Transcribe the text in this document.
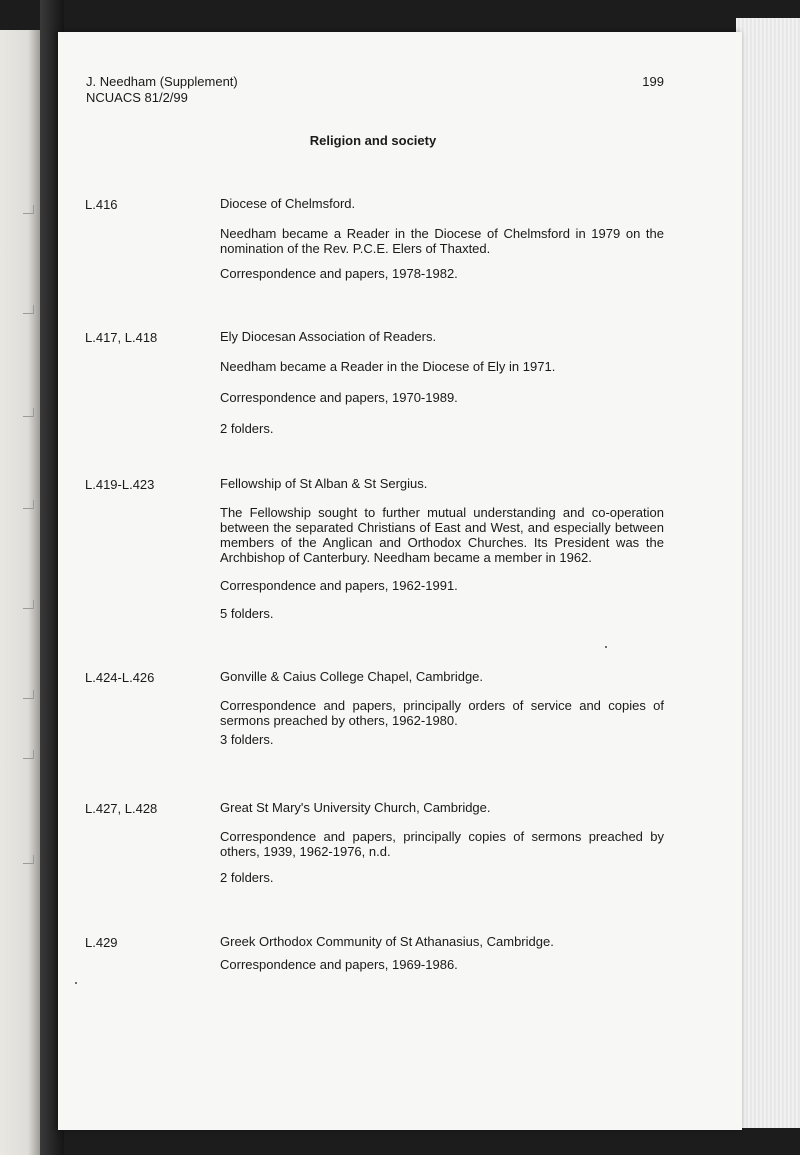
J. Needham (Supplement)
NCUACS 81/2/99
199
Religion and society
L.416	Diocese of Chelmsford.
Needham became a Reader in the Diocese of Chelmsford in 1979 on the nomination of the Rev. P.C.E. Elers of Thaxted.
Correspondence and papers, 1978-1982.
L.417, L.418	Ely Diocesan Association of Readers.
Needham became a Reader in the Diocese of Ely in 1971.
Correspondence and papers, 1970-1989.
2 folders.
L.419-L.423	Fellowship of St Alban & St Sergius.
The Fellowship sought to further mutual understanding and co-operation between the separated Christians of East and West, and especially between members of the Anglican and Orthodox Churches. Its President was the Archbishop of Canterbury. Needham became a member in 1962.
Correspondence and papers, 1962-1991.
5 folders.
L.424-L.426	Gonville & Caius College Chapel, Cambridge.
Correspondence and papers, principally orders of service and copies of sermons preached by others, 1962-1980.
3 folders.
L.427, L.428	Great St Mary's University Church, Cambridge.
Correspondence and papers, principally copies of sermons preached by others, 1939, 1962-1976, n.d.
2 folders.
L.429	Greek Orthodox Community of St Athanasius, Cambridge.
Correspondence and papers, 1969-1986.
